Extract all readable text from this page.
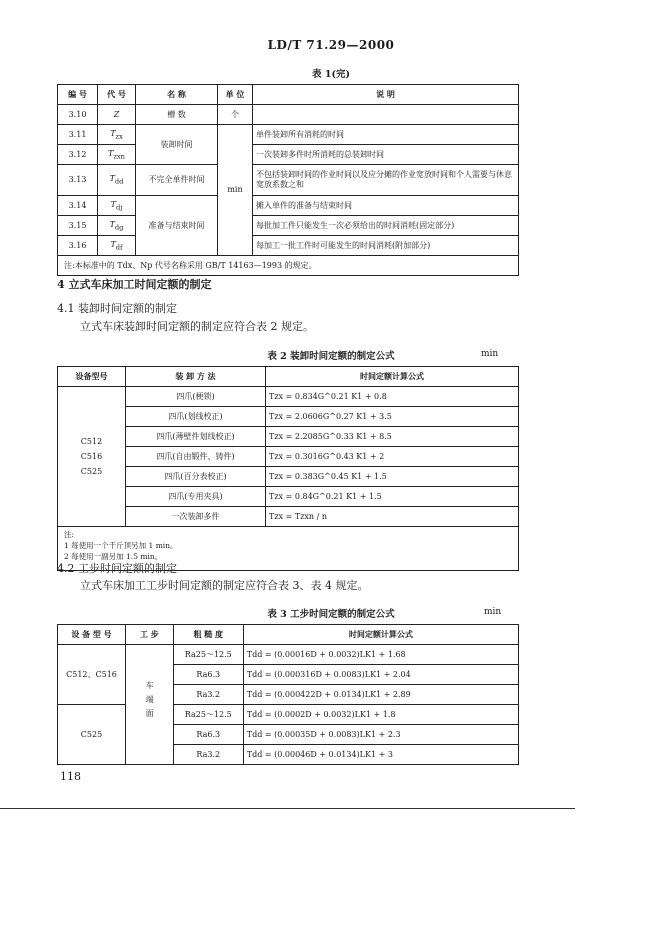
LD/T 71.29—2000
表 1(完)
编 号	代 号	名 称	单 位	说 明
3.10	Z	槽 数	个	
3.11	$T_{zx}$	装卸时间	min	单件装卸所有消耗的时间
3.12	$T_{zxn}$			一次装卸多件时所消耗的总装卸时间
3.13	$T_{dd}$	不完全单件时间		不包括装卸时间的作业时间以及应分摊的作业宽放时间和个人需要与休息宽放系数之和
3.14	$T_{dj}$	准备与结束时间		摊入单件的准备与结束时间
3.15	$T_{dg}$			每批加工件只能发生一次必须给出的时间消耗(固定部分)
3.16	$T_{df}$			每加工一批工件时可能发生的时间消耗(附加部分)
注:本标准中的 Tdx、Np 代号名称采用 GB/T 14163—1993 的规定。				
4 立式车床加工时间定额的制定
4.1 装卸时间定额的制定
立式车床装卸时间定额的制定应符合表 2 规定。
表 2 装卸时间定额的制定公式	min
设备型号	装 卸 方 法	时间定额计算公式

C512
C516
C525	四爪(梗锁)	Tzx = 0.834G^0.21 K1 + 0.8
	四爪(划线校正)	Tzx = 2.0606G^0.27 K1 + 3.5
	四爪(薄壁件划线校正)	Tzx = 2.2085G^0.33 K1 + 8.5
	四爪(自由锻件、铸件)	Tzx = 0.3016G^0.43 K1 + 2
	四爪(百分表校正)	Tzx = 0.383G^0.45 K1 + 1.5
	四爪(专用夹具)	Tzx = 0.84G^0.21 K1 + 1.5
	一次装卸多件	Tzx = Tzxn / n

注:
1 每使用一个千斤顶另加 1 min。
2 每使用一副另加 1.5 min。		
4.2 工步时间定额的制定
立式车床加工工步时间定额的制定应符合表 3、表 4 规定。
表 3 工步时间定额的制定公式	min
设 备 型 号	工 步	粗 糙 度	时间定额计算公式
C512、C516	车端面	Ra25～12.5	Tdd = (0.00016D + 0.0032)LK1 + 1.68
		Ra6.3	Tdd = (0.000316D + 0.0083)LK1 + 2.04
		Ra3.2	Tdd = (0.000422D + 0.0134)LK1 + 2.89
C525		Ra25～12.5	Tdd = (0.0002D + 0.0032)LK1 + 1.8
		Ra6.3	Tdd = (0.00035D + 0.0083)LK1 + 2.3
		Ra3.2	Tdd = (0.00046D + 0.0134)LK1 + 3
118
